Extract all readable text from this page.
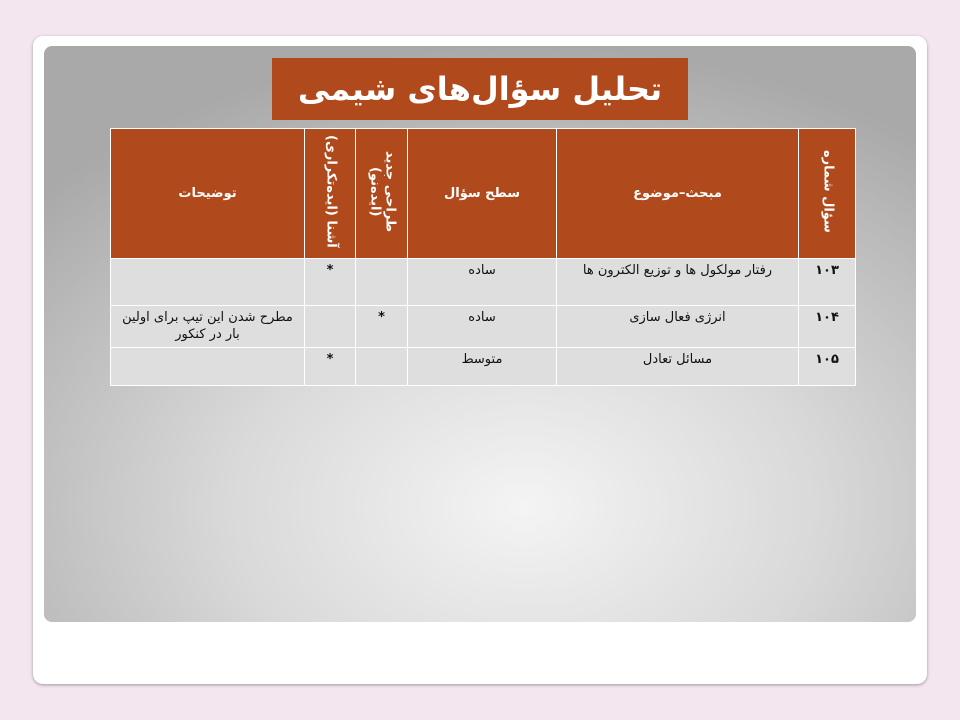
تحلیل سؤال‌های شیمی
سؤال شماره	مبحث–موضوع	سطح سؤال	طراحی جدید (ایده‌نو)	آشنا (ایده‌تکراری)	توضیحات
۱۰۳	رفتار مولکول ها و توزیع الکترون ها	ساده		*	
۱۰۴	انرژی فعال سازی	ساده	*		مطرح شدن این تیپ برای اولین بار در کنکور
۱۰۵	مسائل تعادل	متوسط		*	
